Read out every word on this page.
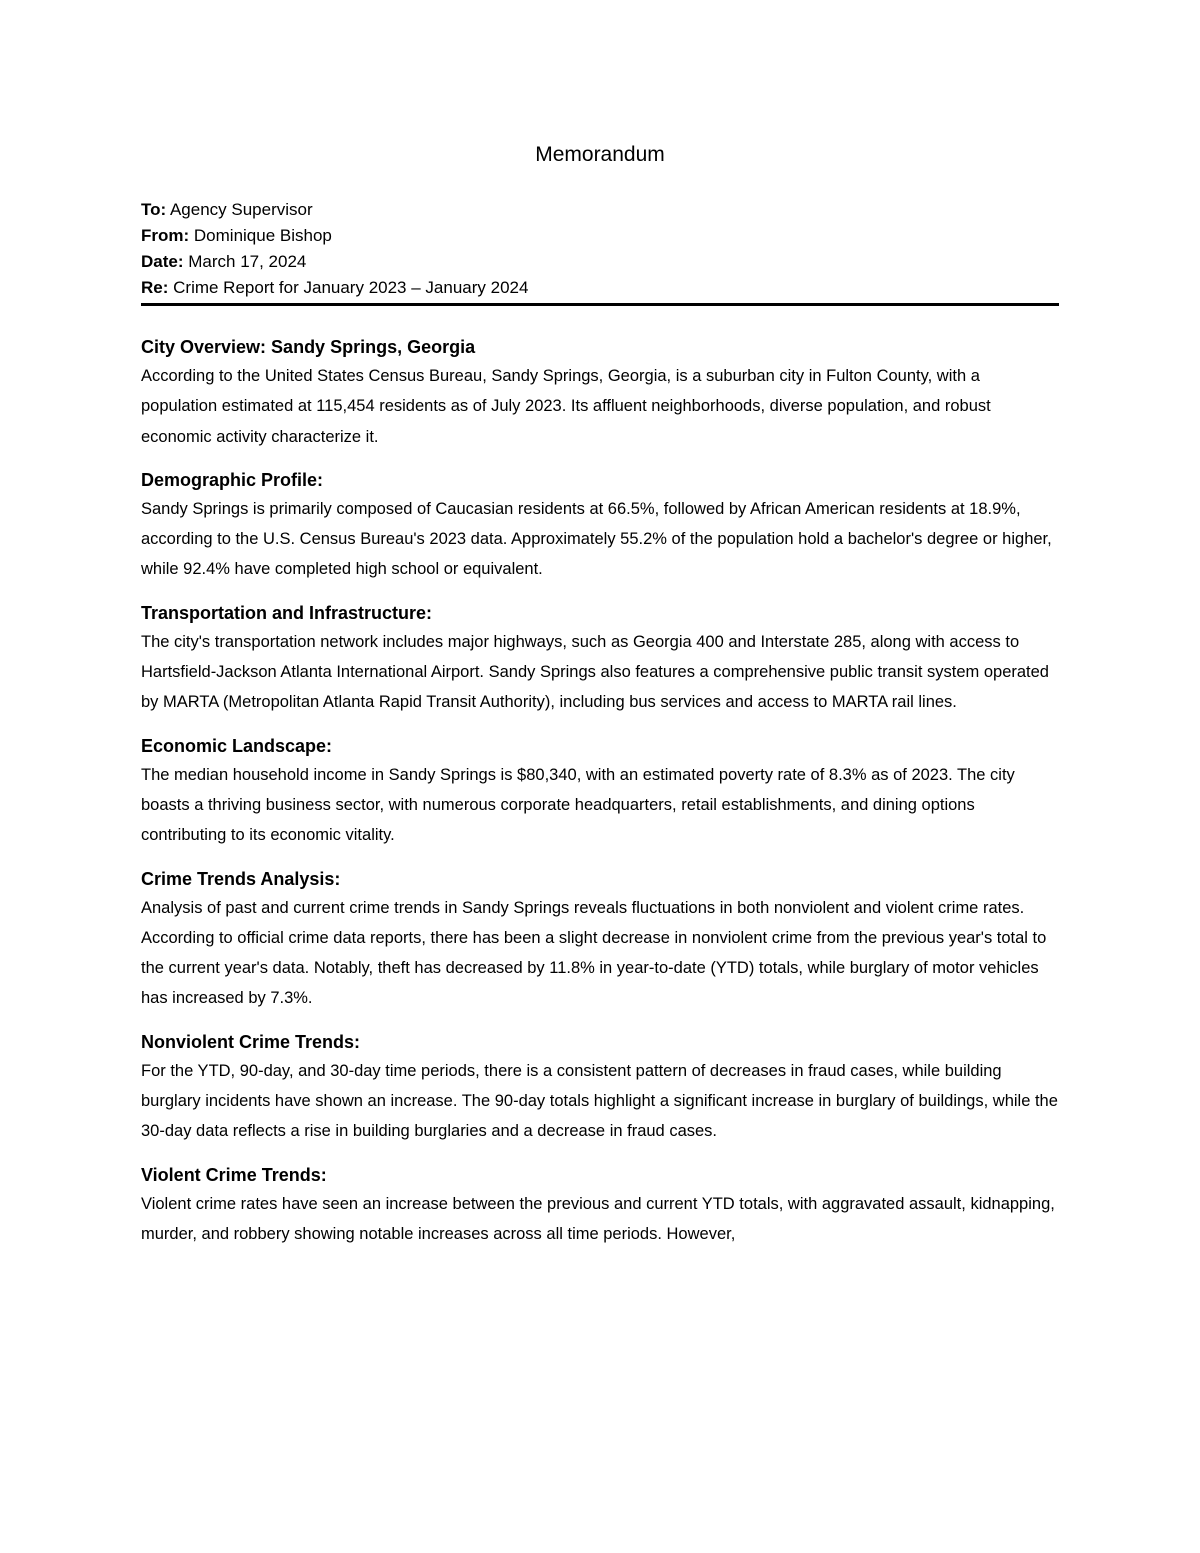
Memorandum
To: Agency Supervisor
From: Dominique Bishop
Date: March 17, 2024
Re: Crime Report for January 2023 – January 2024

City Overview: Sandy Springs, Georgia

According to the United States Census Bureau, Sandy Springs, Georgia, is a suburban city in Fulton County, with a population estimated at 115,454 residents as of July 2023. Its affluent neighborhoods, diverse population, and robust economic activity characterize it.

Demographic Profile:

Sandy Springs is primarily composed of Caucasian residents at 66.5%, followed by African American residents at 18.9%, according to the U.S. Census Bureau's 2023 data. Approximately 55.2% of the population hold a bachelor's degree or higher, while 92.4% have completed high school or equivalent.

Transportation and Infrastructure:

The city's transportation network includes major highways, such as Georgia 400 and Interstate 285, along with access to Hartsfield-Jackson Atlanta International Airport. Sandy Springs also features a comprehensive public transit system operated by MARTA (Metropolitan Atlanta Rapid Transit Authority), including bus services and access to MARTA rail lines.

Economic Landscape:

The median household income in Sandy Springs is $80,340, with an estimated poverty rate of 8.3% as of 2023. The city boasts a thriving business sector, with numerous corporate headquarters, retail establishments, and dining options contributing to its economic vitality.

Crime Trends Analysis:

Analysis of past and current crime trends in Sandy Springs reveals fluctuations in both nonviolent and violent crime rates. According to official crime data reports, there has been a slight decrease in nonviolent crime from the previous year's total to the current year's data. Notably, theft has decreased by 11.8% in year-to-date (YTD) totals, while burglary of motor vehicles has increased by 7.3%.

Nonviolent Crime Trends:

For the YTD, 90-day, and 30-day time periods, there is a consistent pattern of decreases in fraud cases, while building burglary incidents have shown an increase. The 90-day totals highlight a significant increase in burglary of buildings, while the 30-day data reflects a rise in building burglaries and a decrease in fraud cases.

Violent Crime Trends:

Violent crime rates have seen an increase between the previous and current YTD totals, with aggravated assault, kidnapping, murder, and robbery showing notable increases across all time periods. However,
